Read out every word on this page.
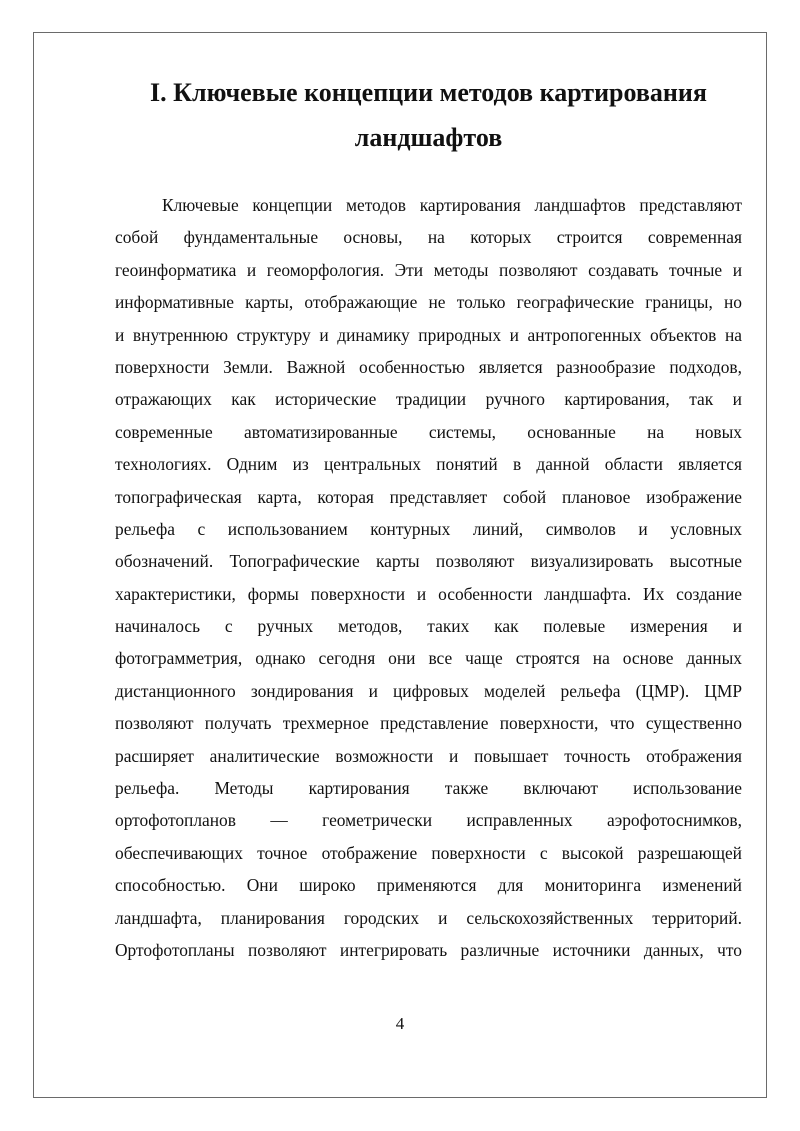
I. Ключевые концепции методов картирования
ландшафтов

Ключевые концепции методов картирования ландшафтов представляют
собой фундаментальные основы, на которых строится современная
геоинформатика и геоморфология. Эти методы позволяют создавать точные и
информативные карты, отображающие не только географические границы, но
и внутреннюю структуру и динамику природных и антропогенных объектов на
поверхности Земли. Важной особенностью является разнообразие подходов,
отражающих как исторические традиции ручного картирования, так и
современные автоматизированные системы, основанные на новых
технологиях. Одним из центральных понятий в данной области является
топографическая карта, которая представляет собой плановое изображение
рельефа с использованием контурных линий, символов и условных
обозначений. Топографические карты позволяют визуализировать высотные
характеристики, формы поверхности и особенности ландшафта. Их создание
начиналось с ручных методов, таких как полевые измерения и
фотограмметрия, однако сегодня они все чаще строятся на основе данных
дистанционного зондирования и цифровых моделей рельефа (ЦМР). ЦМР
позволяют получать трехмерное представление поверхности, что существенно
расширяет аналитические возможности и повышает точность отображения
рельефа. Методы картирования также включают использование
ортофотопланов — геометрически исправленных аэрофотоснимков,
обеспечивающих точное отображение поверхности с высокой разрешающей
способностью. Они широко применяются для мониторинга изменений
ландшафта, планирования городских и сельскохозяйственных территорий.
Ортофотопланы позволяют интегрировать различные источники данных, что

4
